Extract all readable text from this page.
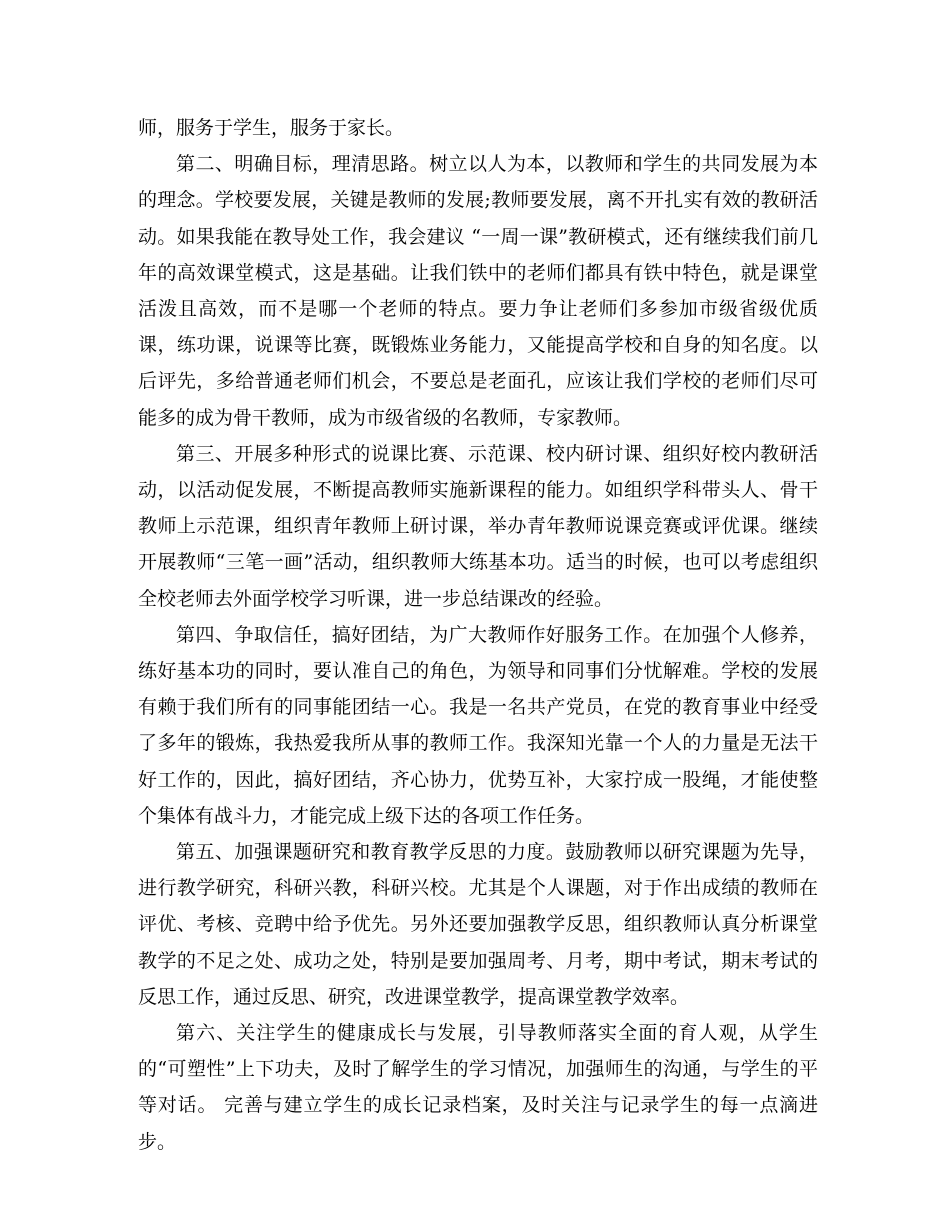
师，服务于学生，服务于家长。

第二、明确目标，理清思路。树立以人为本，以教师和学生的共同发展为本的理念。学校要发展，关键是教师的发展;教师要发展，离不开扎实有效的教研活动。如果我能在教导处工作，我会建议 “一周一课”教研模式，还有继续我们前几年的高效课堂模式，这是基础。让我们铁中的老师们都具有铁中特色，就是课堂活泼且高效，而不是哪一个老师的特点。要力争让老师们多参加市级省级优质课，练功课，说课等比赛，既锻炼业务能力，又能提高学校和自身的知名度。以后评先，多给普通老师们机会，不要总是老面孔，应该让我们学校的老师们尽可能多的成为骨干教师，成为市级省级的名教师，专家教师。

第三、开展多种形式的说课比赛、示范课、校内研讨课、组织好校内教研活动，以活动促发展，不断提高教师实施新课程的能力。如组织学科带头人、骨干教师上示范课，组织青年教师上研讨课，举办青年教师说课竞赛或评优课。继续开展教师“三笔一画”活动，组织教师大练基本功。适当的时候，也可以考虑组织全校老师去外面学校学习听课，进一步总结课改的经验。

第四、争取信任，搞好团结，为广大教师作好服务工作。在加强个人修养，练好基本功的同时，要认准自己的角色，为领导和同事们分忧解难。学校的发展有赖于我们所有的同事能团结一心。我是一名共产党员，在党的教育事业中经受了多年的锻炼，我热爱我所从事的教师工作。我深知光靠一个人的力量是无法干好工作的，因此，搞好团结，齐心协力，优势互补，大家拧成一股绳，才能使整个集体有战斗力，才能完成上级下达的各项工作任务。

第五、加强课题研究和教育教学反思的力度。鼓励教师以研究课题为先导，进行教学研究，科研兴教，科研兴校。尤其是个人课题，对于作出成绩的教师在评优、考核、竞聘中给予优先。另外还要加强教学反思，组织教师认真分析课堂教学的不足之处、成功之处，特别是要加强周考、月考，期中考试，期末考试的反思工作，通过反思、研究，改进课堂教学，提高课堂教学效率。

第六、关注学生的健康成长与发展，引导教师落实全面的育人观，从学生的“可塑性”上下功夫，及时了解学生的学习情况，加强师生的沟通，与学生的平等对话。 完善与建立学生的成长记录档案，及时关注与记录学生的每一点滴进步。
